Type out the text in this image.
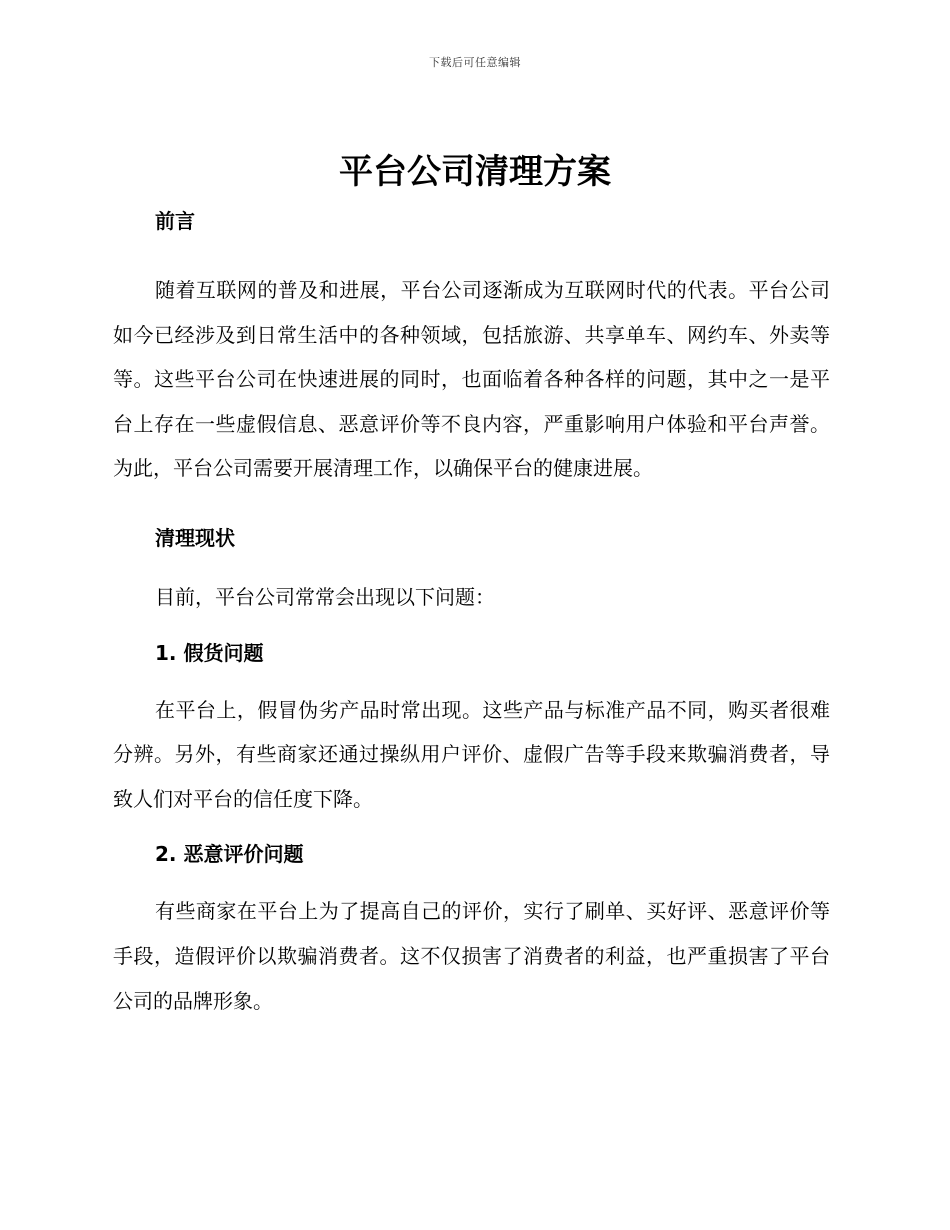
下载后可任意编辑
平台公司清理方案
前言

随着互联网的普及和进展，平台公司逐渐成为互联网时代的代表。平台公司如今已经涉及到日常生活中的各种领域，包括旅游、共享单车、网约车、外卖等等。这些平台公司在快速进展的同时，也面临着各种各样的问题，其中之一是平台上存在一些虚假信息、恶意评价等不良内容，严重影响用户体验和平台声誉。为此，平台公司需要开展清理工作，以确保平台的健康进展。

清理现状

目前，平台公司常常会出现以下问题：

1. 假货问题

在平台上，假冒伪劣产品时常出现。这些产品与标准产品不同，购买者很难分辨。另外，有些商家还通过操纵用户评价、虚假广告等手段来欺骗消费者，导致人们对平台的信任度下降。

2. 恶意评价问题

有些商家在平台上为了提高自己的评价，实行了刷单、买好评、恶意评价等手段，造假评价以欺骗消费者。这不仅损害了消费者的利益，也严重损害了平台公司的品牌形象。
